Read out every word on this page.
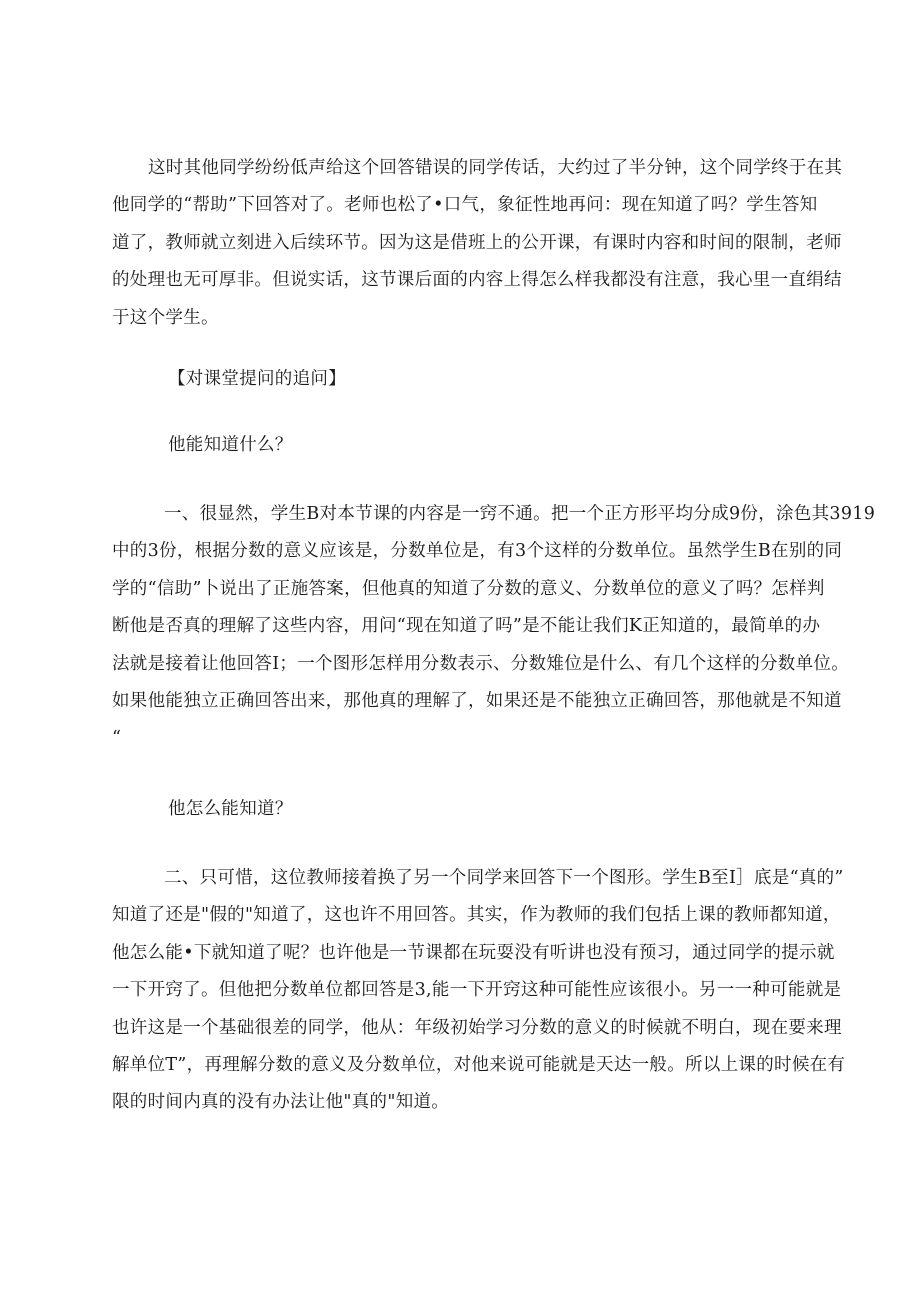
这时其他同学纷纷低声给这个回答错误的同学传话，大约过了半分钟，这个同学终于在其
他同学的“帮助”下回答对了。老师也松了•口气，象征性地再问：现在知道了吗？学生答知
道了，教师就立刻进入后续环节。因为这是借班上的公开课，有课时内容和时间的限制，老师
的处理也无可厚非。但说实话，这节课后面的内容上得怎么样我都没有注意，我心里一直绢结
于这个学生。

【对课堂提问的追问】

他能知道什么？

一、很显然，学生B对本节课的内容是一窍不通。把一个正方形平均分成9份，涂色其3919
中的3份，根据分数的意义应该是，分数单位是，有3个这样的分数单位。虽然学生B在别的同
学的“信助”卜说出了正施答案，但他真的知道了分数的意义、分数单位的意义了吗？怎样判
断他是否真的理解了这些内容，用问“现在知道了吗”是不能让我们K正知道的，最简单的办
法就是接着让他回答I；一个图形怎样用分数表示、分数雉位是什么、有几个这样的分数单位。
如果他能独立正确回答出来，那他真的理解了，如果还是不能独立正确回答，那他就是不知道
“

他怎么能知道？

二、只可惜，这位教师接着换了另一个同学来回答下一个图形。学生B至I］底是“真的”
知道了还是"假的"知道了，这也许不用回答。其实，作为教师的我们包括上课的教师都知道，
他怎么能•下就知道了呢？也许他是一节课都在玩耍没有听讲也没有预习，通过同学的提示就
一下开窍了。但他把分数单位都回答是3,能一下开窍这种可能性应该很小。另一一种可能就是
也许这是一个基础很差的同学，他从：年级初始学习分数的意义的时候就不明白，现在要来理
解单位T”，再理解分数的意义及分数单位，对他来说可能就是天达一般。所以上课的时候在有
限的时间内真的没有办法让他"真的"知道。
